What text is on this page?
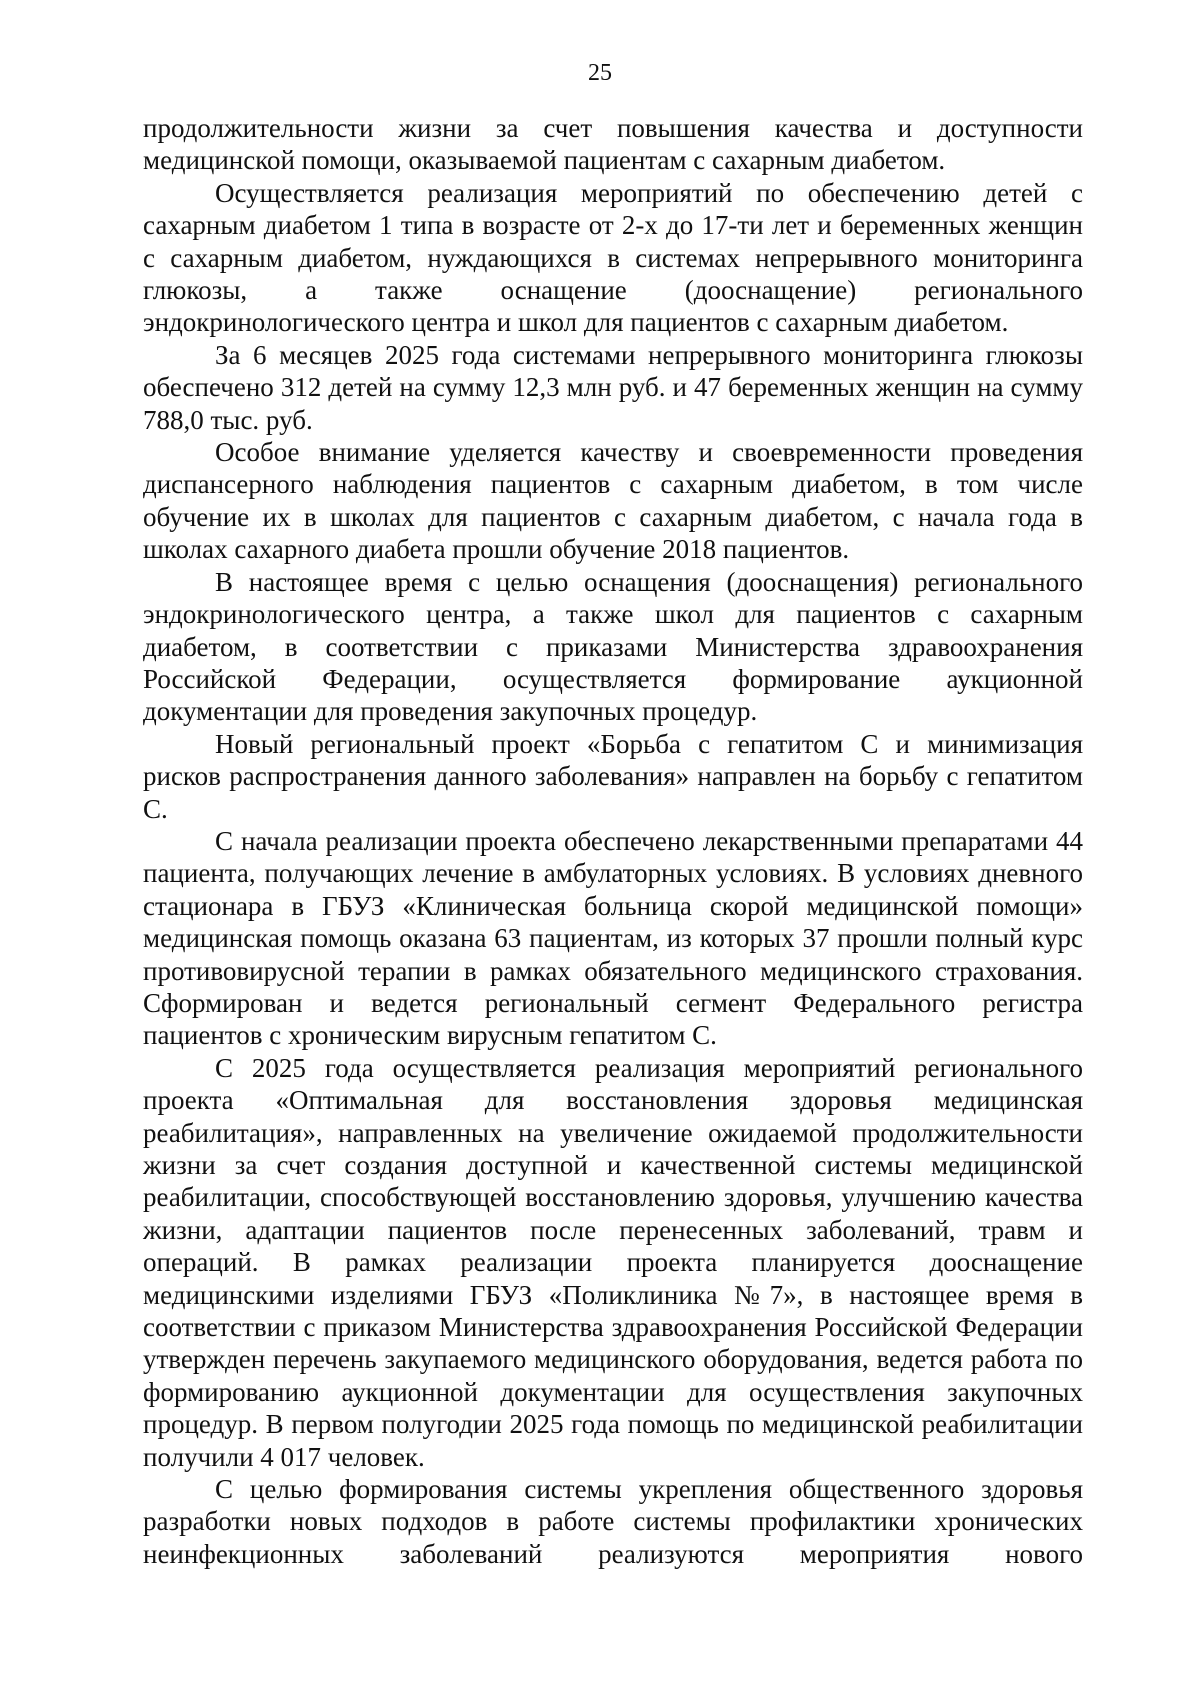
25

продолжительности жизни за счет повышения качества и доступности медицинской помощи, оказываемой пациентам с сахарным диабетом.

Осуществляется реализация мероприятий по обеспечению детей с сахарным диабетом 1 типа в возрасте от 2-х до 17-ти лет и беременных женщин с сахарным диабетом, нуждающихся в системах непрерывного мониторинга глюкозы, а также оснащение (дооснащение) регионального эндокринологического центра и школ для пациентов с сахарным диабетом.

За 6 месяцев 2025 года системами непрерывного мониторинга глюкозы обеспечено 312 детей на сумму 12,3 млн руб. и 47 беременных женщин на сумму 788,0 тыс. руб.

Особое внимание уделяется качеству и своевременности проведения диспансерного наблюдения пациентов с сахарным диабетом, в том числе обучение их в школах для пациентов с сахарным диабетом, с начала года в школах сахарного диабета прошли обучение 2018 пациентов.

В настоящее время с целью оснащения (дооснащения) регионального эндокринологического центра, а также школ для пациентов с сахарным диабетом, в соответствии с приказами Министерства здравоохранения Российской Федерации, осуществляется формирование аукционной документации для проведения закупочных процедур.

Новый региональный проект «Борьба с гепатитом С и минимизация рисков распространения данного заболевания» направлен на борьбу с гепатитом С.

С начала реализации проекта обеспечено лекарственными препаратами 44 пациента, получающих лечение в амбулаторных условиях. В условиях дневного стационара в ГБУЗ «Клиническая больница скорой медицинской помощи» медицинская помощь оказана 63 пациентам, из которых 37 прошли полный курс противовирусной терапии в рамках обязательного медицинского страхования. Сформирован и ведется региональный сегмент Федерального регистра пациентов с хроническим вирусным гепатитом С.

С 2025 года осуществляется реализация мероприятий регионального проекта «Оптимальная для восстановления здоровья медицинская реабилитация», направленных на увеличение ожидаемой продолжительности жизни за счет создания доступной и качественной системы медицинской реабилитации, способствующей восстановлению здоровья, улучшению качества жизни, адаптации пациентов после перенесенных заболеваний, травм и операций. В рамках реализации проекта планируется дооснащение медицинскими изделиями ГБУЗ «Поликлиника №7», в настоящее время в соответствии с приказом Министерства здравоохранения Российской Федерации утвержден перечень закупаемого медицинского оборудования, ведется работа по формированию аукционной документации для осуществления закупочных процедур. В первом полугодии 2025 года помощь по медицинской реабилитации получили 4 017 человек.

С целью формирования системы укрепления общественного здоровья разработки новых подходов в работе системы профилактики хронических неинфекционных заболеваний реализуются мероприятия нового
